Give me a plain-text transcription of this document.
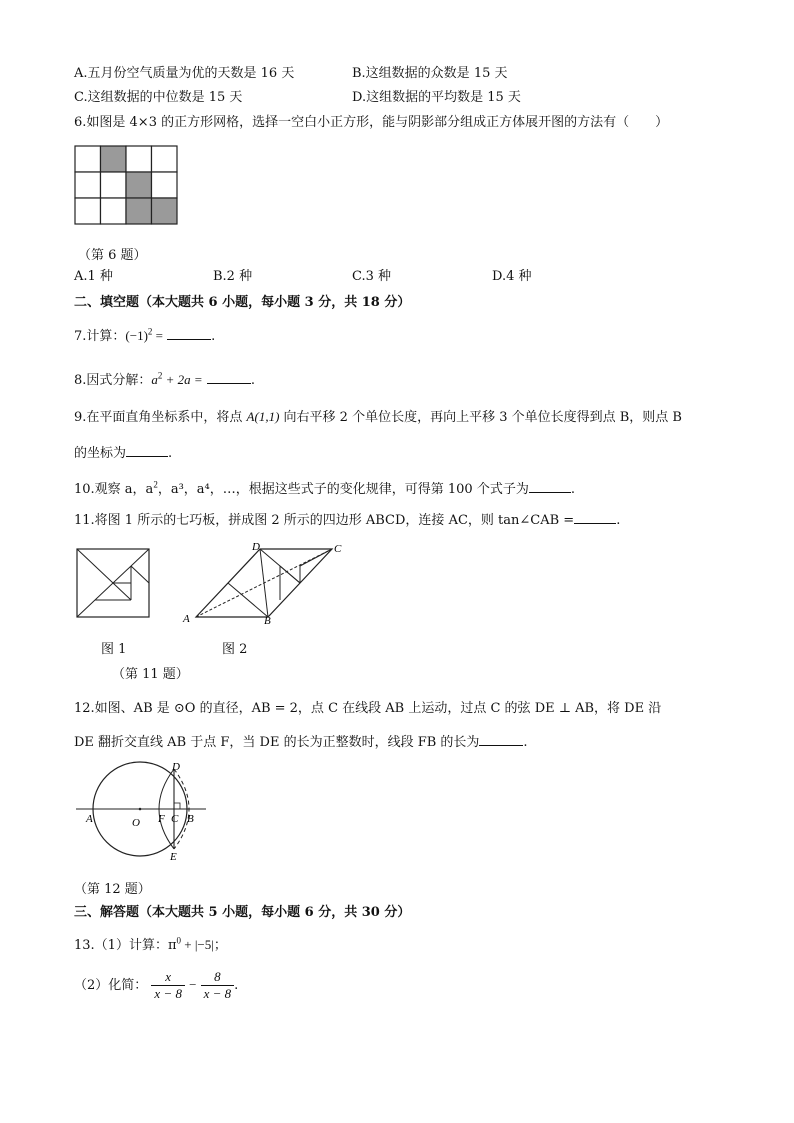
A.五月份空气质量为优的天数是 16 天	B.这组数据的众数是 15 天
C.这组数据的中位数是 15 天	D.这组数据的平均数是 15 天
6.如图是 4×3 的正方形网格，选择一空白小正方形，能与阴影部分组成正方体展开图的方法有（　　）
（第 6 题）
A.1 种	B.2 种	C.3 种	D.4 种
二、填空题（本大题共 6 小题，每小题 3 分，共 18 分）
7.计算：$(-1)^2$ =	.
8.因式分解：$a^2 + 2a$ =	.
9.在平面直角坐标系中，将点 A(1,1) 向右平移 2 个单位长度，再向上平移 3 个单位长度得到点 B，则点 B
的坐标为	.
10.观察 a，$a^2$，a³，a⁴，…，根据这些式子的变化规律，可得第 100 个式子为	.
11.将图 1 所示的七巧板，拼成图 2 所示的四边形 ABCD，连接 AC，则 tan∠CAB =	.
图 1
A	B
C
D
图 2
（第 11 题）
12.如图、AB 是 ⊙O 的直径，AB = 2，点 C 在线段 AB 上运动，过点 C 的弦 DE ⊥ AB，将 DE 沿
DE 翻折交直线 AB 于点 F，当 DE 的长为正整数时，线段 FB 的长为	.
A	O F C B
D
E
（第 12 题）
三、解答题（本大题共 5 小题，每小题 6 分，共 30 分）
13.（1）计算：$\pi^0 + |-5|$；
（2）化简： $\frac{x}{x - 8} - \frac{8}{x - 8}$ .
